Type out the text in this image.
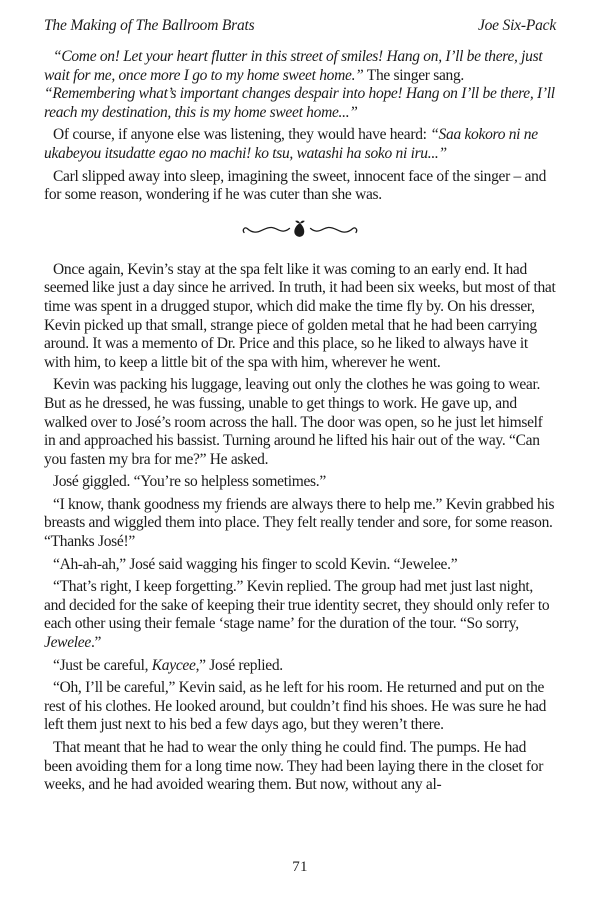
The Making of The Ballroom Brats	Joe Six-Pack

“Come on! Let your heart flutter in this street of smiles! Hang on, I’ll be there, just wait for me, once more I go to my home sweet home.” The singer sang. “Remembering what’s important changes despair into hope! Hang on I’ll be there, I’ll reach my destination, this is my home sweet home...”

Of course, if anyone else was listening, they would have heard: “Saa kokoro ni ne ukabeyou itsudatte egao no machi! ko tsu, watashi ha soko ni iru...”

Carl slipped away into sleep, imagining the sweet, innocent face of the singer – and for some reason, wondering if he was cuter than she was.

Once again, Kevin’s stay at the spa felt like it was coming to an early end. It had seemed like just a day since he arrived. In truth, it had been six weeks, but most of that time was spent in a drugged stupor, which did make the time fly by. On his dresser, Kevin picked up that small, strange piece of golden metal that he had been carrying around. It was a memento of Dr. Price and this place, so he liked to always have it with him, to keep a little bit of the spa with him, wherever he went.

Kevin was packing his luggage, leaving out only the clothes he was going to wear. But as he dressed, he was fussing, unable to get things to work. He gave up, and walked over to José’s room across the hall. The door was open, so he just let himself in and approached his bassist. Turning around he lifted his hair out of the way. “Can you fasten my bra for me?” He asked.

José giggled. “You’re so helpless sometimes.”

“I know, thank goodness my friends are always there to help me.” Kevin grabbed his breasts and wiggled them into place. They felt really tender and sore, for some reason. “Thanks José!”

“Ah-ah-ah,” José said wagging his finger to scold Kevin. “Jewelee.”

“That’s right, I keep forgetting.” Kevin replied. The group had met just last night, and decided for the sake of keeping their true identity secret, they should only refer to each other using their female ‘stage name’ for the duration of the tour. “So sorry, Jewelee.”

“Just be careful, Kaycee,” José replied.

“Oh, I’ll be careful,” Kevin said, as he left for his room. He returned and put on the rest of his clothes. He looked around, but couldn’t find his shoes. He was sure he had left them just next to his bed a few days ago, but they weren’t there.

That meant that he had to wear the only thing he could find. The pumps. He had been avoiding them for a long time now. They had been laying there in the closet for weeks, and he had avoided wearing them. But now, without any al-

71
